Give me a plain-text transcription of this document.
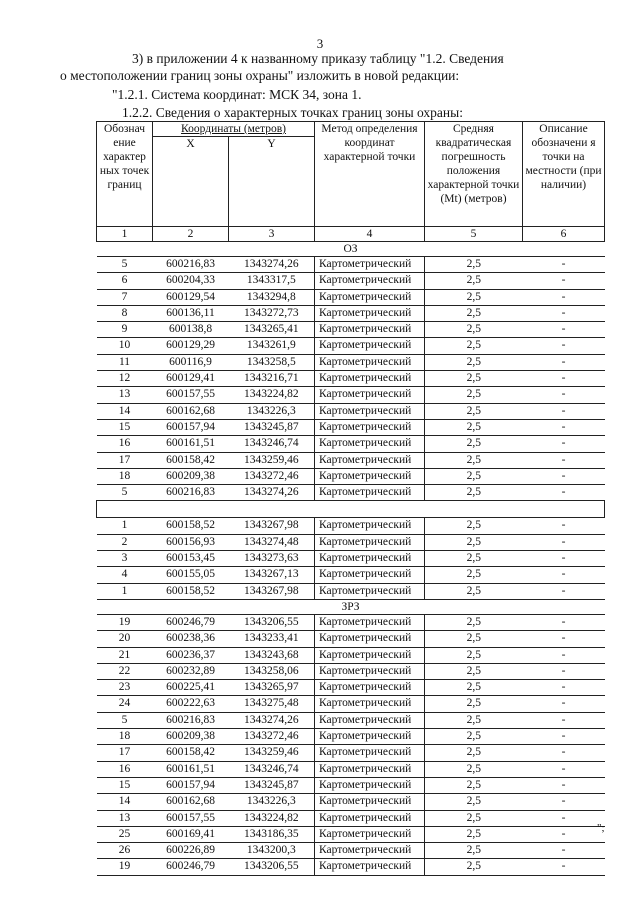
3
3) в приложении 4 к названному приказу таблицу "1.2. Сведения
о местоположении границ зоны охраны" изложить в новой редакции:
"1.2.1. Система координат: МСК 34, зона 1.
1.2.2. Сведения о характерных точках границ зоны охраны:
Обознач ение характер ных точек границ	Координаты (метров)		Метод определения координат характерной точки	Средняя квадратическая погрешность положения характерной точки (Mt) (метров)	Описание обозначени я точки на местности (при наличии)
	X	Y			
1	2	3	4	5	6
ОЗ					
5	600216,83	1343274,26	Картометрический	2,5	-
6	600204,33	1343317,5	Картометрический	2,5	-
7	600129,54	1343294,8	Картометрический	2,5	-
8	600136,11	1343272,73	Картометрический	2,5	-
9	600138,8	1343265,41	Картометрический	2,5	-
10	600129,29	1343261,9	Картометрический	2,5	-
11	600116,9	1343258,5	Картометрический	2,5	-
12	600129,41	1343216,71	Картометрический	2,5	-
13	600157,55	1343224,82	Картометрический	2,5	-
14	600162,68	1343226,3	Картометрический	2,5	-
15	600157,94	1343245,87	Картометрический	2,5	-
16	600161,51	1343246,74	Картометрический	2,5	-
17	600158,42	1343259,46	Картометрический	2,5	-
18	600209,38	1343272,46	Картометрический	2,5	-
5	600216,83	1343274,26	Картометрический	2,5	-

1	600158,52	1343267,98	Картометрический	2,5	-
2	600156,93	1343274,48	Картометрический	2,5	-
3	600153,45	1343273,63	Картометрический	2,5	-
4	600155,05	1343267,13	Картометрический	2,5	-
1	600158,52	1343267,98	Картометрический	2,5	-
ЗРЗ					
19	600246,79	1343206,55	Картометрический	2,5	-
20	600238,36	1343233,41	Картометрический	2,5	-
21	600236,37	1343243,68	Картометрический	2,5	-
22	600232,89	1343258,06	Картометрический	2,5	-
23	600225,41	1343265,97	Картометрический	2,5	-
24	600222,63	1343275,48	Картометрический	2,5	-
5	600216,83	1343274,26	Картометрический	2,5	-
18	600209,38	1343272,46	Картометрический	2,5	-
17	600158,42	1343259,46	Картометрический	2,5	-
16	600161,51	1343246,74	Картометрический	2,5	-
15	600157,94	1343245,87	Картометрический	2,5	-
14	600162,68	1343226,3	Картометрический	2,5	-
13	600157,55	1343224,82	Картометрический	2,5	-
25	600169,41	1343186,35	Картометрический	2,5	-
26	600226,89	1343200,3	Картометрический	2,5	-
19	600246,79	1343206,55	Картометрический	2,5	-
";
